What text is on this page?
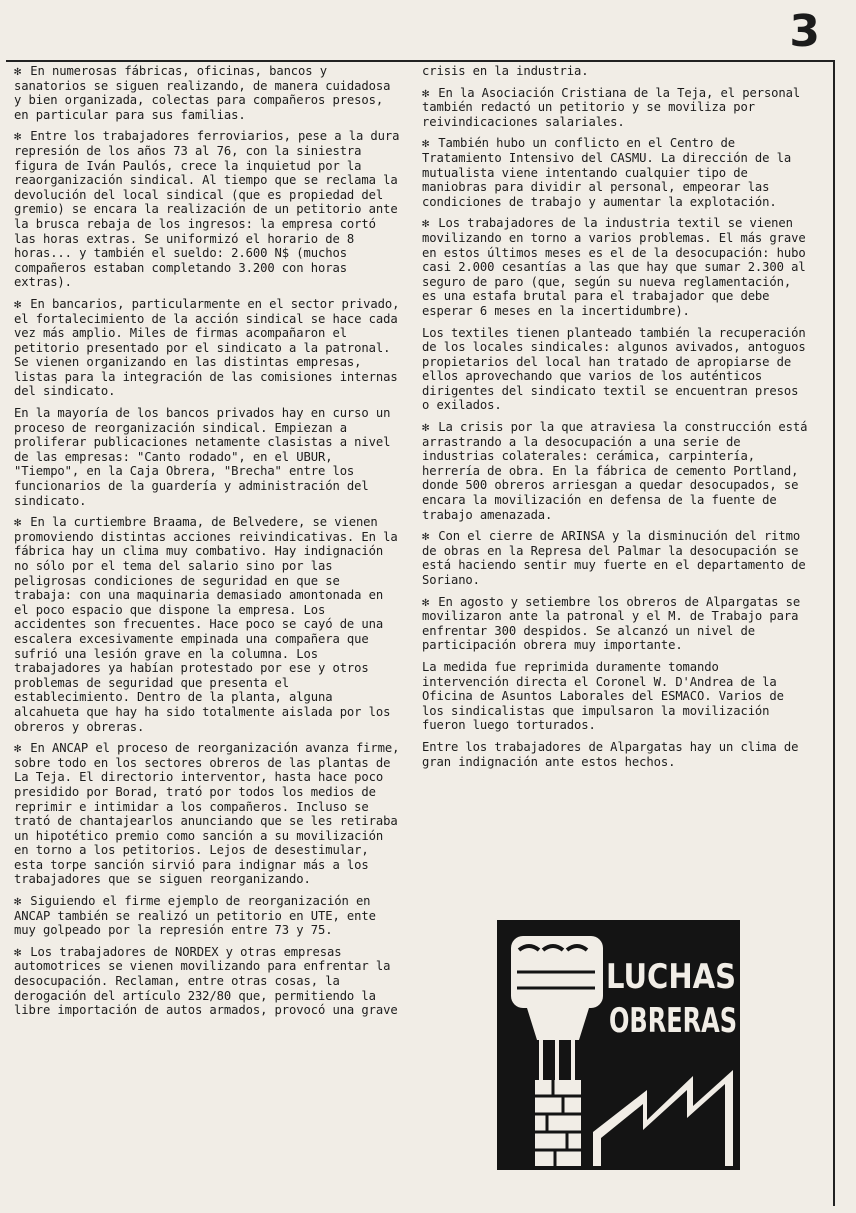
3

✻ En numerosas fábricas, oficinas, bancos y sanatorios se siguen realizando, de manera cuidadosa y bien organizada, colectas para compañeros presos, en particular para sus familias.

✻ Entre los trabajadores ferroviarios, pese a la dura represión de los años 73 al 76, con la siniestra figura de Iván Paulós, crece la inquietud por la reaorganización sindical. Al tiempo que se reclama la devolución del local sindical (que es propiedad del gremio) se encara la realización de un petitorio ante la brusca rebaja de los ingresos: la empresa cortó las horas extras. Se uniformizó el horario de 8 horas... y también el sueldo: 2.600 N$ (muchos compañeros estaban completando 3.200 con horas extras).

✻ En bancarios, particularmente en el sector privado, el fortalecimiento de la acción sindical se hace cada vez más amplio. Miles de firmas acompañaron el petitorio presentado por el sindicato a la patronal. Se vienen organizando en las distintas empresas, listas para la integración de las comisiones internas del sindicato.

En la mayoría de los bancos privados hay en curso un proceso de reorganización sindical. Empiezan a proliferar publicaciones netamente clasistas a nivel de las empresas: "Canto rodado", en el UBUR, "Tiempo", en la Caja Obrera, "Brecha" entre los funcionarios de la guardería y administración del sindicato.

✻ En la curtiembre Braama, de Belvedere, se vienen promoviendo distintas acciones reivindicativas. En la fábrica hay un clima muy combativo. Hay indignación no sólo por el tema del salario sino por las peligrosas condiciones de seguridad en que se trabaja: con una maquinaria demasiado amontonada en el poco espacio que dispone la empresa. Los accidentes son frecuentes. Hace poco se cayó de una escalera excesivamente empinada una compañera que sufrió una lesión grave en la columna. Los trabajadores ya habían protestado por ese y otros problemas de seguridad que presenta el establecimiento. Dentro de la planta, alguna alcahueta que hay ha sido totalmente aislada por los obreros y obreras.

✻ En ANCAP el proceso de reorganización avanza firme, sobre todo en los sectores obreros de las plantas de La Teja. El directorio interventor, hasta hace poco presidido por Borad, trató por todos los medios de reprimir e intimidar a los compañeros. Incluso se trató de chantajearlos anunciando que se les retiraba un hipotético premio como sanción a su movilización en torno a los petitorios. Lejos de desestimular, esta torpe sanción sirvió para indignar más a los trabajadores que se siguen reorganizando.

✻ Siguiendo el firme ejemplo de reorganización en ANCAP también se realizó un petitorio en UTE, ente muy golpeado por la represión entre 73 y 75.

✻ Los trabajadores de NORDEX y otras empresas automotrices se vienen movilizando para enfrentar la desocupación. Reclaman, entre otras cosas, la derogación del artículo 232/80 que, permitiendo la libre importación de autos armados, provocó una grave

crisis en la industria.

✻ En la Asociación Cristiana de la Teja, el personal también redactó un petitorio y se moviliza por reivindicaciones salariales.

✻ También hubo un conflicto en el Centro de Tratamiento Intensivo del CASMU. La dirección de la mutualista viene intentando cualquier tipo de maniobras para dividir al personal, empeorar las condiciones de trabajo y aumentar la explotación.

✻ Los trabajadores de la industria textil se vienen movilizando en torno a varios problemas. El más grave en estos últimos meses es el de la desocupación: hubo casi 2.000 cesantías a las que hay que sumar 2.300 al seguro de paro (que, según su nueva reglamentación, es una estafa brutal para el trabajador que debe esperar 6 meses en la incertidumbre).

Los textiles tienen planteado también la recuperación de los locales sindicales: algunos avivados, antoguos propietarios del local han tratado de apropiarse de ellos aprovechando que varios de los auténticos dirigentes del sindicato textil se encuentran presos o exilados.

✻ La crisis por la que atraviesa la construcción está arrastrando a la desocupación a una serie de industrias colaterales: cerámica, carpintería, herrería de obra. En la fábrica de cemento Portland, donde 500 obreros arriesgan a quedar desocupados, se encara la movilización en defensa de la fuente de trabajo amenazada.

✻ Con el cierre de ARINSA y la disminución del ritmo de obras en la Represa del Palmar la desocupación se está haciendo sentir muy fuerte en el departamento de Soriano.

✻ En agosto y setiembre los obreros de Alpargatas se movilizaron ante la patronal y el M. de Trabajo para enfrentar 300 despidos. Se alcanzó un nivel de participación obrera muy importante.

La medida fue reprimida duramente tomando intervención directa el Coronel W. D'Andrea de la Oficina de Asuntos Laborales del ESMACO. Varios de los sindicalistas que impulsaron la movilización fueron luego torturados.

Entre los trabajadores de Alpargatas hay un clima de gran indignación ante estos hechos.

LUCHAS
OBRERAS
